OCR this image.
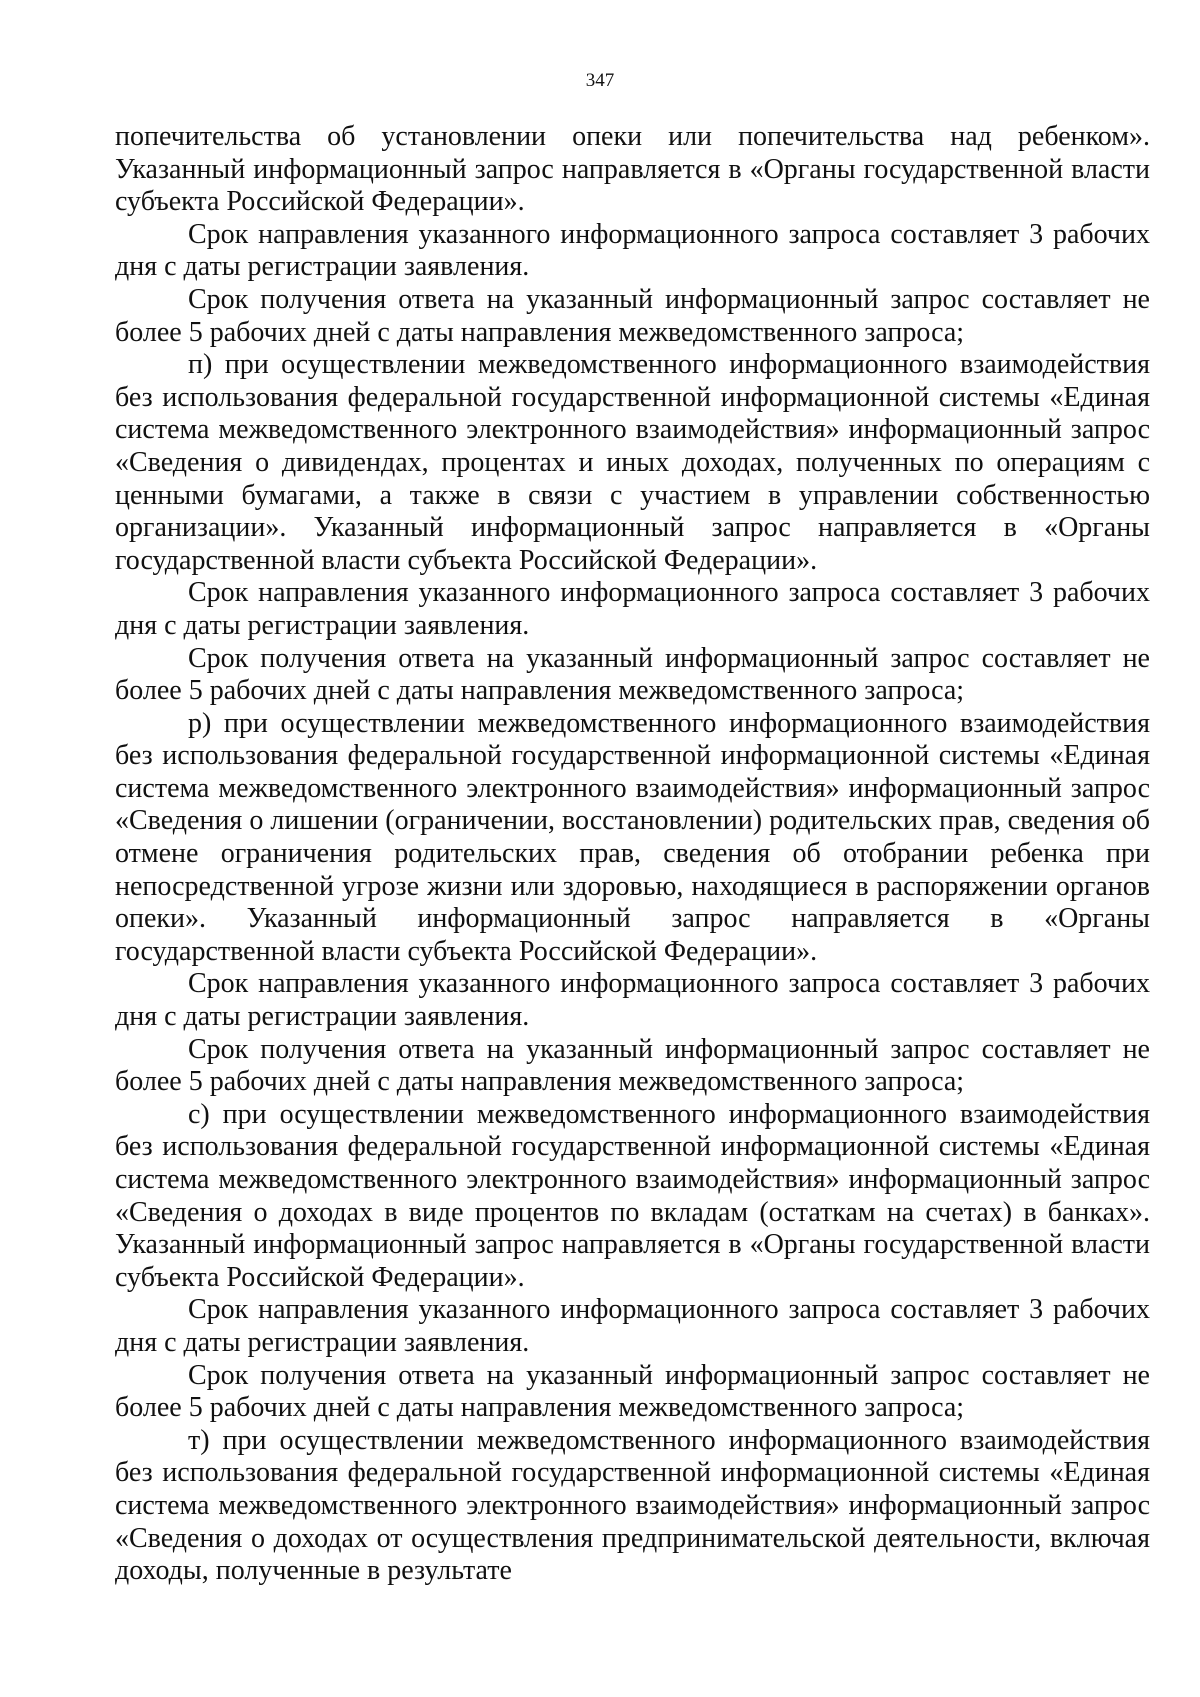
347

попечительства об установлении опеки или попечительства над ребенком». Указанный информационный запрос направляется в «Органы государственной власти субъекта Российской Федерации».

Срок направления указанного информационного запроса составляет 3 рабочих дня с даты регистрации заявления.

Срок получения ответа на указанный информационный запрос составляет не более 5 рабочих дней с даты направления межведомственного запроса;

п) при осуществлении межведомственного информационного взаимодействия без использования федеральной государственной информационной системы «Единая система межведомственного электронного взаимодействия» информационный запрос «Сведения о дивидендах, процентах и иных доходах, полученных по операциям с ценными бумагами, а также в связи с участием в управлении собственностью организации». Указанный информационный запрос направляется в «Органы государственной власти субъекта Российской Федерации».

Срок направления указанного информационного запроса составляет 3 рабочих дня с даты регистрации заявления.

Срок получения ответа на указанный информационный запрос составляет не более 5 рабочих дней с даты направления межведомственного запроса;

р) при осуществлении межведомственного информационного взаимодействия без использования федеральной государственной информационной системы «Единая система межведомственного электронного взаимодействия» информационный запрос «Сведения о лишении (ограничении, восстановлении) родительских прав, сведения об отмене ограничения родительских прав, сведения об отобрании ребенка при непосредственной угрозе жизни или здоровью, находящиеся в распоряжении органов опеки». Указанный информационный запрос направляется в «Органы государственной власти субъекта Российской Федерации».

Срок направления указанного информационного запроса составляет 3 рабочих дня с даты регистрации заявления.

Срок получения ответа на указанный информационный запрос составляет не более 5 рабочих дней с даты направления межведомственного запроса;

с) при осуществлении межведомственного информационного взаимодействия без использования федеральной государственной информационной системы «Единая система межведомственного электронного взаимодействия» информационный запрос «Сведения о доходах в виде процентов по вкладам (остаткам на счетах) в банках». Указанный информационный запрос направляется в «Органы государственной власти субъекта Российской Федерации».

Срок направления указанного информационного запроса составляет 3 рабочих дня с даты регистрации заявления.

Срок получения ответа на указанный информационный запрос составляет не более 5 рабочих дней с даты направления межведомственного запроса;

т) при осуществлении межведомственного информационного взаимодействия без использования федеральной государственной информационной системы «Единая система межведомственного электронного взаимодействия» информационный запрос «Сведения о доходах от осуществления предпринимательской деятельности, включая доходы, полученные в результате
